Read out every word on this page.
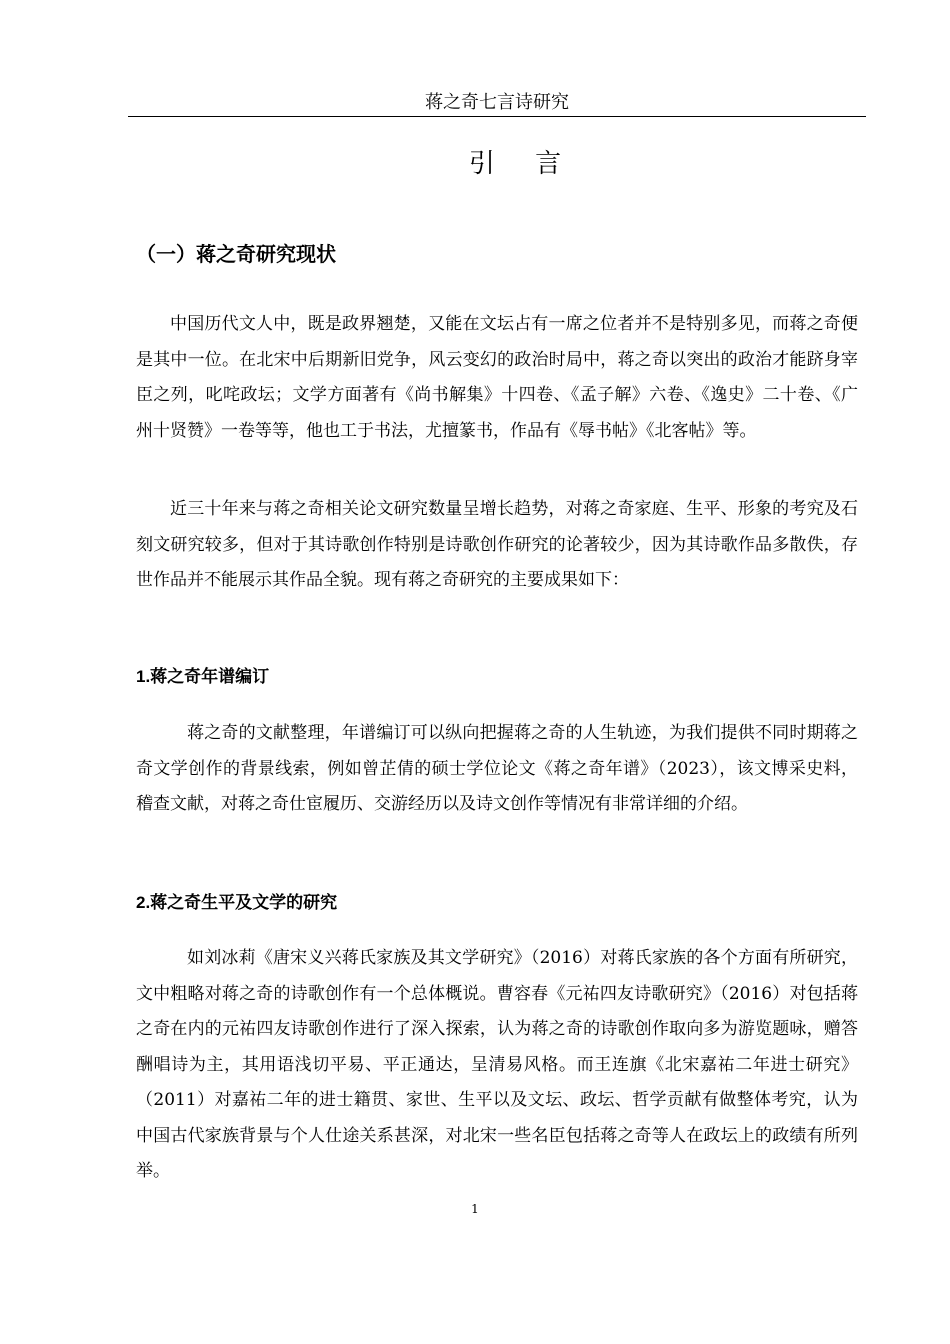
蒋之奇七言诗研究
引 言
（一）蒋之奇研究现状

中国历代文人中，既是政界翘楚，又能在文坛占有一席之位者并不是特别多见，而蒋之奇便是其中一位。在北宋中后期新旧党争，风云变幻的政治时局中，蒋之奇以突出的政治才能跻身宰臣之列，叱咤政坛；文学方面著有《尚书解集》十四卷、《孟子解》六卷、《逸史》二十卷、《广州十贤赞》一卷等等，他也工于书法，尤擅篆书，作品有《辱书帖》《北客帖》等。

近三十年来与蒋之奇相关论文研究数量呈增长趋势，对蒋之奇家庭、生平、形象的考究及石刻文研究较多，但对于其诗歌创作特别是诗歌创作研究的论著较少，因为其诗歌作品多散佚，存世作品并不能展示其作品全貌。现有蒋之奇研究的主要成果如下：

1.蒋之奇年谱编订

蒋之奇的文献整理，年谱编订可以纵向把握蒋之奇的人生轨迹，为我们提供不同时期蒋之奇文学创作的背景线索，例如曾芷倩的硕士学位论文《蒋之奇年谱》（2023），该文博采史料，稽查文献，对蒋之奇仕宦履历、交游经历以及诗文创作等情况有非常详细的介绍。

2.蒋之奇生平及文学的研究

如刘冰莉《唐宋义兴蒋氏家族及其文学研究》（2016）对蒋氏家族的各个方面有所研究，文中粗略对蒋之奇的诗歌创作有一个总体概说。曹容春《元祐四友诗歌研究》（2016）对包括蒋之奇在内的元祐四友诗歌创作进行了深入探索，认为蒋之奇的诗歌创作取向多为游览题咏，赠答酬唱诗为主，其用语浅切平易、平正通达，呈清易风格。而王连旗《北宋嘉祐二年进士研究》（2011）对嘉祐二年的进士籍贯、家世、生平以及文坛、政坛、哲学贡献有做整体考究，认为中国古代家族背景与个人仕途关系甚深，对北宋一些名臣包括蒋之奇等人在政坛上的政绩有所列举。

1
